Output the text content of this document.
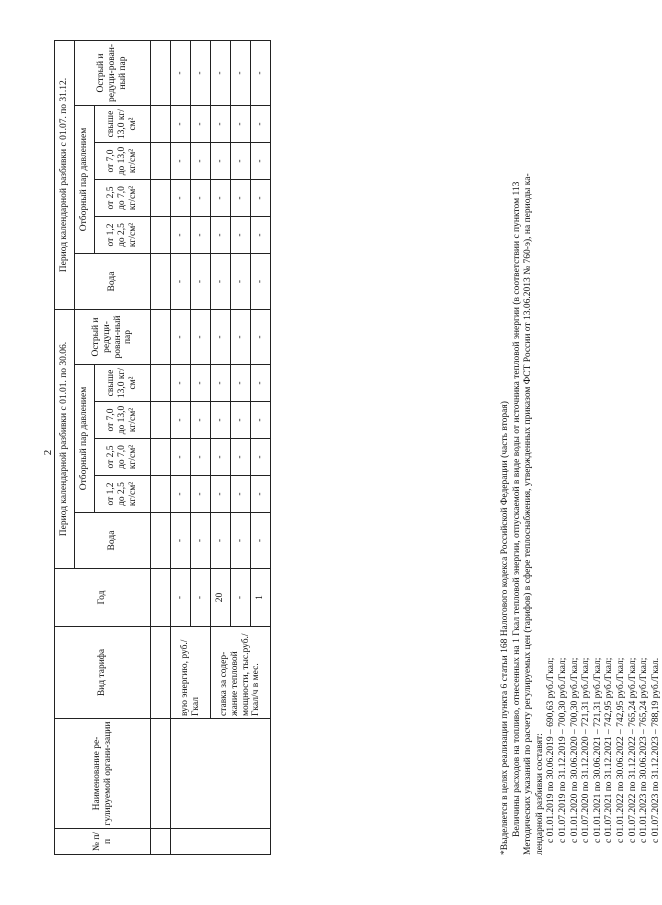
2
№ п/ п	Наименование ре-гулируемой органи-зации	Вид тарифа	Год	Период календарной разбивки с 01.01. по 30.06.						Период календарной разбивки с 01.07. по 31.12.					
				Вода	Отборный пар давлением				Острый и редуци-рован-ный пар	Вода	Отборный пар давлением				Острый и редуци-рован-ный пар
					от 1,2 до 2,5 кг/см²	от 2,5 до 7,0 кг/см²	от 7,0 до 13,0 кг/см²	свыше 13,0 кг/см²			от 1,2 до 2,5 кг/см²	от 2,5 до 7,0 кг/см²	от 7,0 до 13,0 кг/см²	свыше 13,0 кг/см²	

		вую энергию, руб./Гкал	-	-	-	-	-	-	-	-	-	-	-	-	-
			-	-	-	-	-	-	-	-	-	-	-	-	-
		ставка за содер-жание тепловой мощности, тыс.руб./Гкал/ч в мес.	20	-	-	-	-	-	-	-	-	-	-	-	-
			-	-	-	-	-	-	-	-	-	-	-	-	-
			1	-	-	-	-	-	-	-	-	-	-	-	-
*Выделяется в целях реализации пункта 6 статьи 168 Налогового кодекса Российской Федерации (часть вторая) Величины расходов на топливо, отнесенных на 1 Гкал тепловой энергии, отпускаемой в виде воды от источника тепловой энергии (в соответствии с пунктом 113 Методических указаний по расчету регулируемых цен (тарифов) в сфере теплоснабжения, утвержденных приказом ФСТ России от 13.06.2013 № 760-э), на периоды ка- лендарной разбивки составят: с 01.01.2019 по 30.06.2019 – 690,63 руб./Гкал; с 01.07.2019 по 31.12.2019 – 700,30 руб./Гкал; с 01.01.2020 по 30.06.2020 – 700,30 руб./Гкал; с 01.07.2020 по 31.12.2020 – 721,31 руб./Гкал; с 01.01.2021 по 30.06.2021 – 721,31 руб./Гкал; с 01.07.2021 по 31.12.2021 – 742,95 руб./Гкал; с 01.01.2022 по 30.06.2022 – 742,95 руб./Гкал; с 01.07.2022 по 31.12.2022 – 765,24 руб./Гкал; с 01.01.2023 по 30.06.2023 – 765,24 руб./Гкал; с 01.07.2023 по 31.12.2023 – 788,19 руб./Гкал.
